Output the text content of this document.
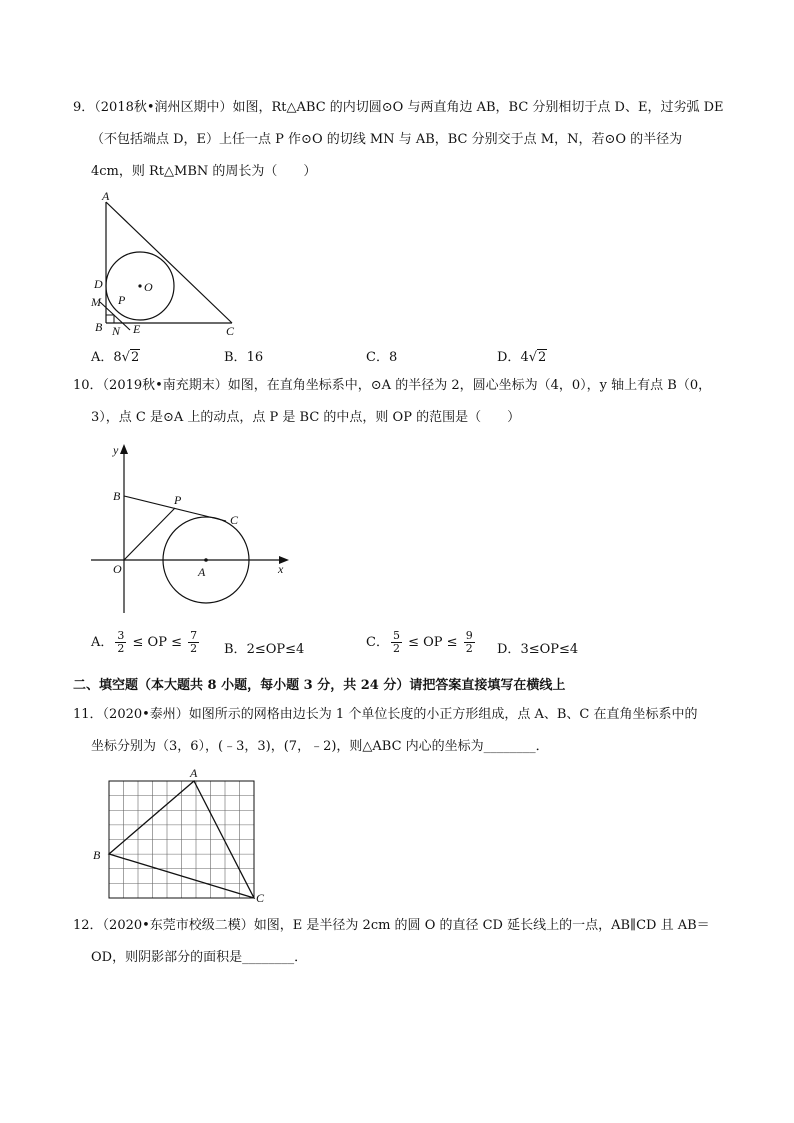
9．（2018秋•润州区期中）如图，Rt△ABC 的内切圆⊙O 与两直角边 AB，BC 分别相切于点 D、E，过劣弧 DE
（不包括端点 D，E）上任一点 P 作⊙O 的切线 MN 与 AB，BC 分别交于点 M，N，若⊙O 的半径为
4cm，则 Rt△MBN 的周长为（　　）
A
D
M P
O
B N E	C
A．8√2	B．16	C．8	D．4√2
10．（2019秋•南充期末）如图，在直角坐标系中，⊙A 的半径为 2，圆心坐标为（4，0），y 轴上有点 B（0，
3），点 C 是⊙A 上的动点，点 P 是 BC 的中点，则 OP 的范围是（　　）
y
B	P
C
O	A	x
A． $\frac{3}{2}$ ≤ OP ≤ $\frac{7}{2}$ B．2≤OP≤4	C． $\frac{5}{2}$ ≤ OP ≤ $\frac{9}{2}$ D．3≤OP≤4
二、填空题（本大题共 8 小题，每小题 3 分，共 24 分）请把答案直接填写在横线上
11．（2020•泰州）如图所示的网格由边长为 1 个单位长度的小正方形组成，点 A、B、C 在直角坐标系中的
坐标分别为（3，6），(﹣3，3)，(7，﹣2)，则△ABC 内心的坐标为________．
A
B
C
12．（2020•东莞市校级二模）如图，E 是半径为 2cm 的圆 O 的直径 CD 延长线上的一点，AB∥CD 且 AB＝
OD，则阴影部分的面积是________．
